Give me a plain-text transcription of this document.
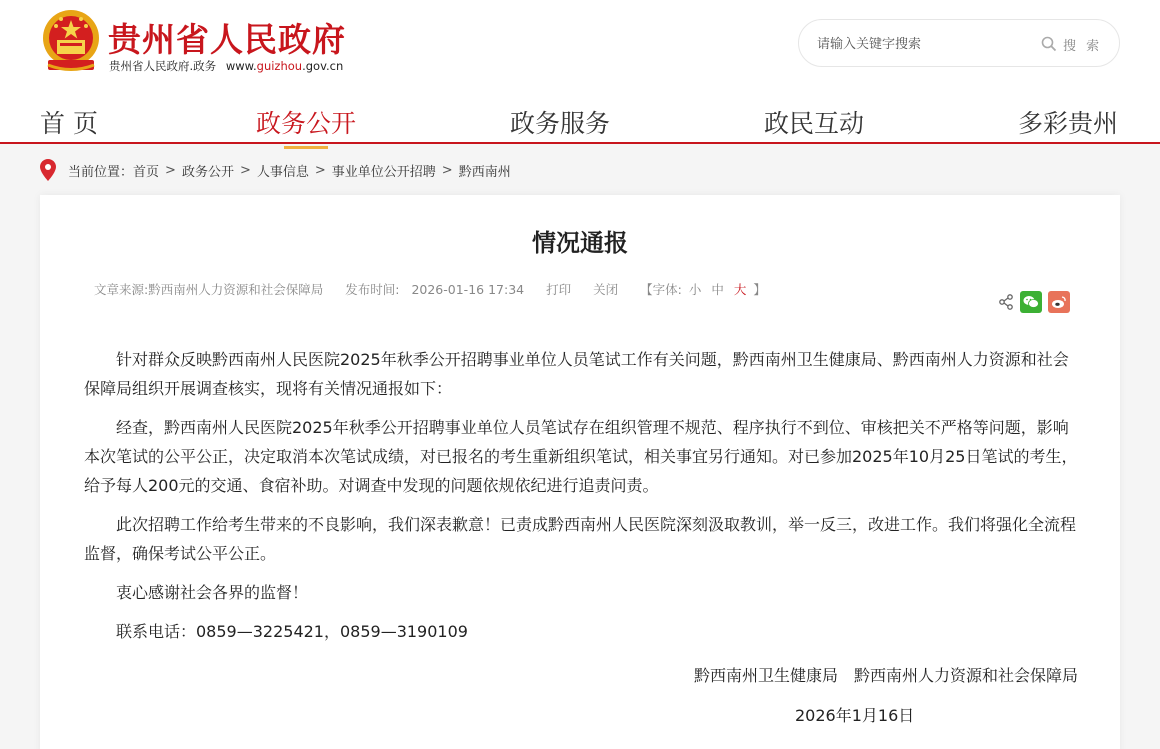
贵州省人民政府
贵州省人民政府.政务 www.guizhou.gov.cn
请输入关键字搜索
搜 索
首 页	政务公开	政务服务	政民互动	多彩贵州
当前位置： 首页 > 政务公开 > 人事信息 > 事业单位公开招聘 > 黔西南州
情况通报
文章来源: 黔西南州人力资源和社会保障局 发布时间: 2026-01-16 17:34 打印 关闭 【字体: 小 中 大 】

针对群众反映黔西南州人民医院2025年秋季公开招聘事业单位人员笔试工作有关问题，黔西南州卫生健康局、黔西南州人力资源和社会保障局组织开展调查核实，现将有关情况通报如下：

经查，黔西南州人民医院2025年秋季公开招聘事业单位人员笔试存在组织管理不规范、程序执行不到位、审核把关不严格等问题，影响本次笔试的公平公正，决定取消本次笔试成绩，对已报名的考生重新组织笔试，相关事宜另行通知。对已参加2025年10月25日笔试的考生，给予每人200元的交通、食宿补助。对调查中发现的问题依规依纪进行追责问责。

此次招聘工作给考生带来的不良影响，我们深表歉意！已责成黔西南州人民医院深刻汲取教训，举一反三，改进工作。我们将强化全流程监督，确保考试公平公正。

衷心感谢社会各界的监督！

联系电话：0859—3225421，0859—3190109

黔西南州卫生健康局　黔西南州人力资源和社会保障局
2026年1月16日
